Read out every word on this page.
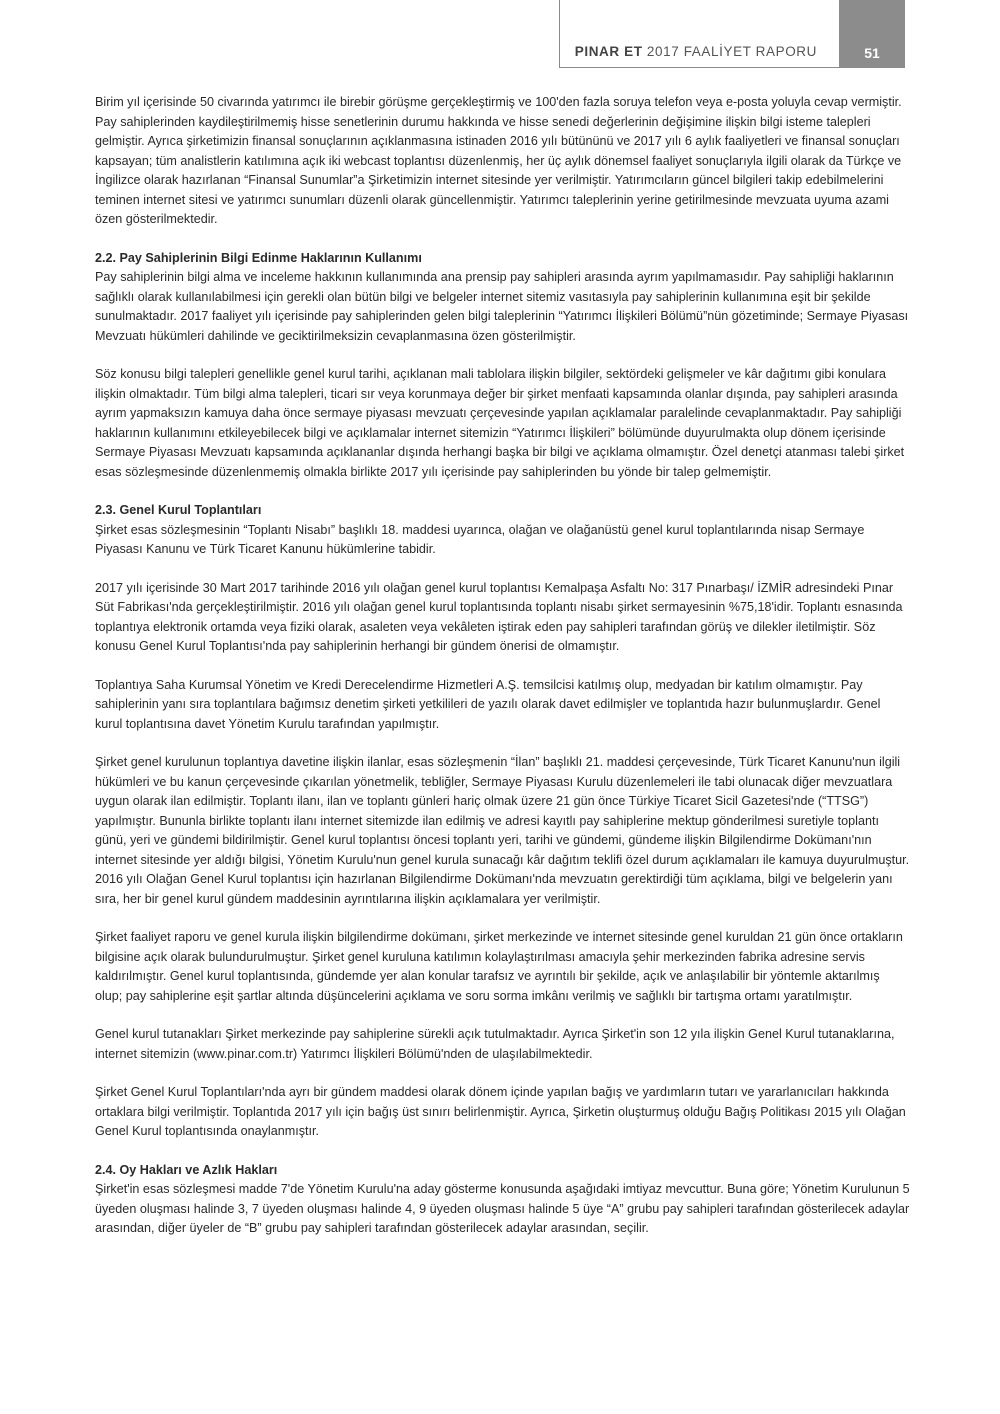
PINAR ET 2017 FAALİYET RAPORU	51

Birim yıl içerisinde 50 civarında yatırımcı ile birebir görüşme gerçekleştirmiş ve 100'den fazla soruya telefon veya e-posta yoluyla cevap vermiştir. Pay sahiplerinden kaydileştirilmemiş hisse senetlerinin durumu hakkında ve hisse senedi değerlerinin değişimine ilişkin bilgi isteme talepleri gelmiştir. Ayrıca şirketimizin finansal sonuçlarının açıklanmasına istinaden 2016 yılı bütününü ve 2017 yılı 6 aylık faaliyetleri ve finansal sonuçları kapsayan; tüm analistlerin katılımına açık iki webcast toplantısı düzenlenmiş, her üç aylık dönemsel faaliyet sonuçlarıyla ilgili olarak da Türkçe ve İngilizce olarak hazırlanan “Finansal Sunumlar”a Şirketimizin internet sitesinde yer verilmiştir. Yatırımcıların güncel bilgileri takip edebilmelerini teminen internet sitesi ve yatırımcı sunumları düzenli olarak güncellenmiştir. Yatırımcı taleplerinin yerine getirilmesinde mevzuata uyuma azami özen gösterilmektedir.

2.2. Pay Sahiplerinin Bilgi Edinme Haklarının Kullanımı

Pay sahiplerinin bilgi alma ve inceleme hakkının kullanımında ana prensip pay sahipleri arasında ayrım yapılmamasıdır. Pay sahipliği haklarının sağlıklı olarak kullanılabilmesi için gerekli olan bütün bilgi ve belgeler internet sitemiz vasıtasıyla pay sahiplerinin kullanımına eşit bir şekilde sunulmaktadır. 2017 faaliyet yılı içerisinde pay sahiplerinden gelen bilgi taleplerinin “Yatırımcı İlişkileri Bölümü”nün gözetiminde; Sermaye Piyasası Mevzuatı hükümleri dahilinde ve geciktirilmeksizin cevaplanmasına özen gösterilmiştir.

Söz konusu bilgi talepleri genellikle genel kurul tarihi, açıklanan mali tablolara ilişkin bilgiler, sektördeki gelişmeler ve kâr dağıtımı gibi konulara ilişkin olmaktadır. Tüm bilgi alma talepleri, ticari sır veya korunmaya değer bir şirket menfaati kapsamında olanlar dışında, pay sahipleri arasında ayrım yapmaksızın kamuya daha önce sermaye piyasası mevzuatı çerçevesinde yapılan açıklamalar paralelinde cevaplanmaktadır. Pay sahipliği haklarının kullanımını etkileyebilecek bilgi ve açıklamalar internet sitemizin “Yatırımcı İlişkileri” bölümünde duyurulmakta olup dönem içerisinde Sermaye Piyasası Mevzuatı kapsamında açıklananlar dışında herhangi başka bir bilgi ve açıklama olmamıştır. Özel denetçi atanması talebi şirket esas sözleşmesinde düzenlenmemiş olmakla birlikte 2017 yılı içerisinde pay sahiplerinden bu yönde bir talep gelmemiştir.

2.3. Genel Kurul Toplantıları

Şirket esas sözleşmesinin “Toplantı Nisabı” başlıklı 18. maddesi uyarınca, olağan ve olağanüstü genel kurul toplantılarında nisap Sermaye Piyasası Kanunu ve Türk Ticaret Kanunu hükümlerine tabidir.

2017 yılı içerisinde 30 Mart 2017 tarihinde 2016 yılı olağan genel kurul toplantısı Kemalpaşa Asfaltı No: 317 Pınarbaşı/ İZMİR adresindeki Pınar Süt Fabrikası'nda gerçekleştirilmiştir. 2016 yılı olağan genel kurul toplantısında toplantı nisabı şirket sermayesinin %75,18'idir. Toplantı esnasında toplantıya elektronik ortamda veya fiziki olarak, asaleten veya vekâleten iştirak eden pay sahipleri tarafından görüş ve dilekler iletilmiştir. Söz konusu Genel Kurul Toplantısı'nda pay sahiplerinin herhangi bir gündem önerisi de olmamıştır.

Toplantıya Saha Kurumsal Yönetim ve Kredi Derecelendirme Hizmetleri A.Ş. temsilcisi katılmış olup, medyadan bir katılım olmamıştır. Pay sahiplerinin yanı sıra toplantılara bağımsız denetim şirketi yetkilileri de yazılı olarak davet edilmişler ve toplantıda hazır bulunmuşlardır. Genel kurul toplantısına davet Yönetim Kurulu tarafından yapılmıştır.

Şirket genel kurulunun toplantıya davetine ilişkin ilanlar, esas sözleşmenin “İlan” başlıklı 21. maddesi çerçevesinde, Türk Ticaret Kanunu'nun ilgili hükümleri ve bu kanun çerçevesinde çıkarılan yönetmelik, tebliğler, Sermaye Piyasası Kurulu düzenlemeleri ile tabi olunacak diğer mevzuatlara uygun olarak ilan edilmiştir. Toplantı ilanı, ilan ve toplantı günleri hariç olmak üzere 21 gün önce Türkiye Ticaret Sicil Gazetesi'nde (“TTSG”) yapılmıştır. Bununla birlikte toplantı ilanı internet sitemizde ilan edilmiş ve adresi kayıtlı pay sahiplerine mektup gönderilmesi suretiyle toplantı günü, yeri ve gündemi bildirilmiştir. Genel kurul toplantısı öncesi toplantı yeri, tarihi ve gündemi, gündeme ilişkin Bilgilendirme Dokümanı'nın internet sitesinde yer aldığı bilgisi, Yönetim Kurulu'nun genel kurula sunacağı kâr dağıtım teklifi özel durum açıklamaları ile kamuya duyurulmuştur. 2016 yılı Olağan Genel Kurul toplantısı için hazırlanan Bilgilendirme Dokümanı'nda mevzuatın gerektirdiği tüm açıklama, bilgi ve belgelerin yanı sıra, her bir genel kurul gündem maddesinin ayrıntılarına ilişkin açıklamalara yer verilmiştir.

Şirket faaliyet raporu ve genel kurula ilişkin bilgilendirme dokümanı, şirket merkezinde ve internet sitesinde genel kuruldan 21 gün önce ortakların bilgisine açık olarak bulundurulmuştur. Şirket genel kuruluna katılımın kolaylaştırılması amacıyla şehir merkezinden fabrika adresine servis kaldırılmıştır. Genel kurul toplantısında, gündemde yer alan konular tarafsız ve ayrıntılı bir şekilde, açık ve anlaşılabilir bir yöntemle aktarılmış olup; pay sahiplerine eşit şartlar altında düşüncelerini açıklama ve soru sorma imkânı verilmiş ve sağlıklı bir tartışma ortamı yaratılmıştır.

Genel kurul tutanakları Şirket merkezinde pay sahiplerine sürekli açık tutulmaktadır. Ayrıca Şirket'in son 12 yıla ilişkin Genel Kurul tutanaklarına, internet sitemizin (www.pinar.com.tr) Yatırımcı İlişkileri Bölümü'nden de ulaşılabilmektedir.

Şirket Genel Kurul Toplantıları'nda ayrı bir gündem maddesi olarak dönem içinde yapılan bağış ve yardımların tutarı ve yararlanıcıları hakkında ortaklara bilgi verilmiştir. Toplantıda 2017 yılı için bağış üst sınırı belirlenmiştir. Ayrıca, Şirketin oluşturmuş olduğu Bağış Politikası 2015 yılı Olağan Genel Kurul toplantısında onaylanmıştır.

2.4. Oy Hakları ve Azlık Hakları

Şirket'in esas sözleşmesi madde 7'de Yönetim Kurulu'na aday gösterme konusunda aşağıdaki imtiyaz mevcuttur. Buna göre; Yönetim Kurulunun 5 üyeden oluşması halinde 3, 7 üyeden oluşması halinde 4, 9 üyeden oluşması halinde 5 üye “A” grubu pay sahipleri tarafından gösterilecek adaylar arasından, diğer üyeler de “B” grubu pay sahipleri tarafından gösterilecek adaylar arasından, seçilir.
